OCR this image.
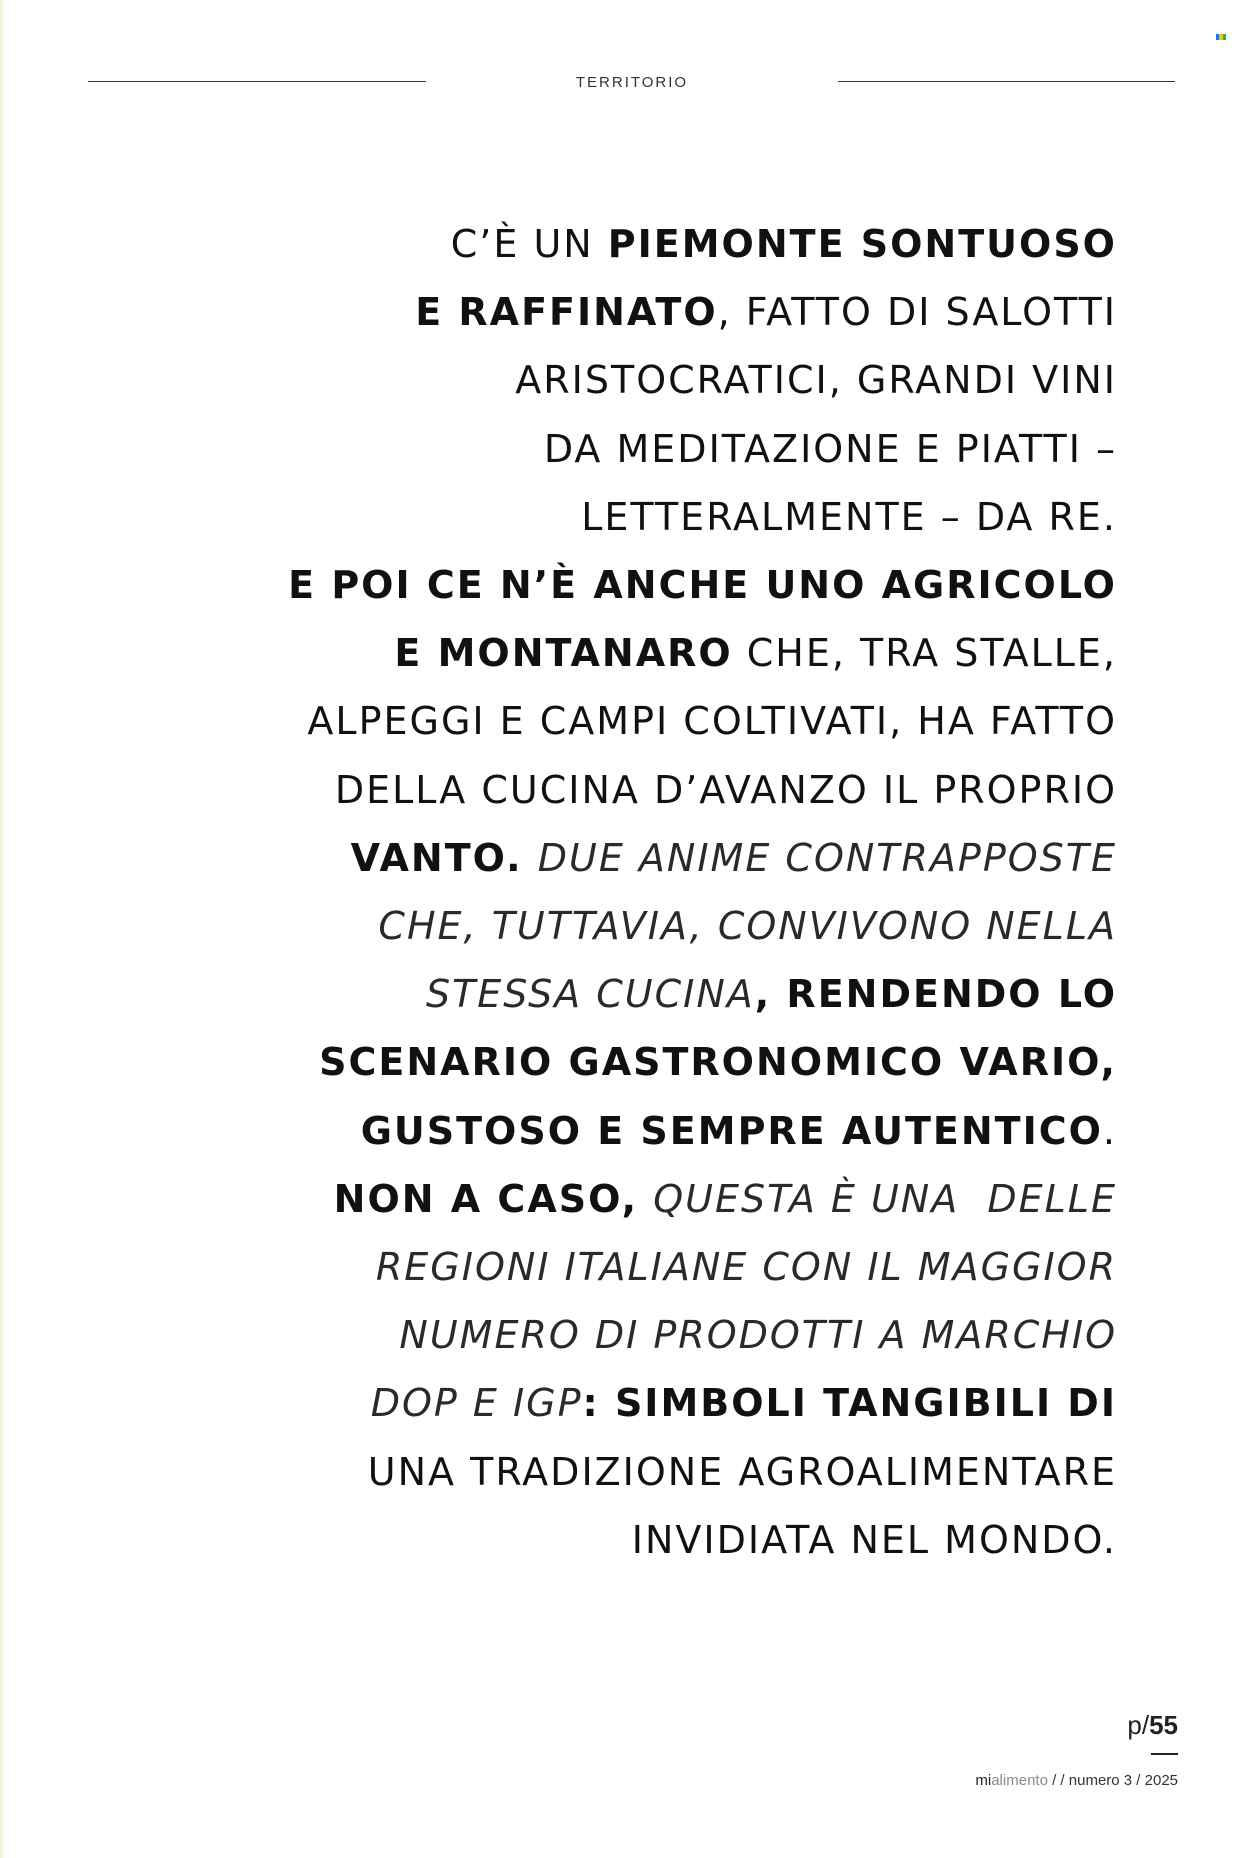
TERRITORIO
C’È UN PIEMONTE SONTUOSO
E RAFFINATO, FATTO DI SALOTTI
ARISTOCRATICI, GRANDI VINI
DA MEDITAZIONE E PIATTI –
LETTERALMENTE – DA RE.
E POI CE N’È ANCHE UNO AGRICOLO
E MONTANARO CHE, TRA STALLE,
ALPEGGI E CAMPI COLTIVATI, HA FATTO
DELLA CUCINA D’AVANZO IL PROPRIO
VANTO. DUE ANIME CONTRAPPOSTE
CHE, TUTTAVIA, CONVIVONO NELLA
STESSA CUCINA, RENDENDO LO
SCENARIO GASTRONOMICO VARIO,
GUSTOSO E SEMPRE AUTENTICO.
NON A CASO, QUESTA È UNA  DELLE
REGIONI ITALIANE CON IL MAGGIOR
NUMERO DI PRODOTTI A MARCHIO
DOP E IGP: SIMBOLI TANGIBILI DI
UNA TRADIZIONE AGROALIMENTARE
INVIDIATA NEL MONDO.
p/55
mialimento / / numero 3 / 2025
